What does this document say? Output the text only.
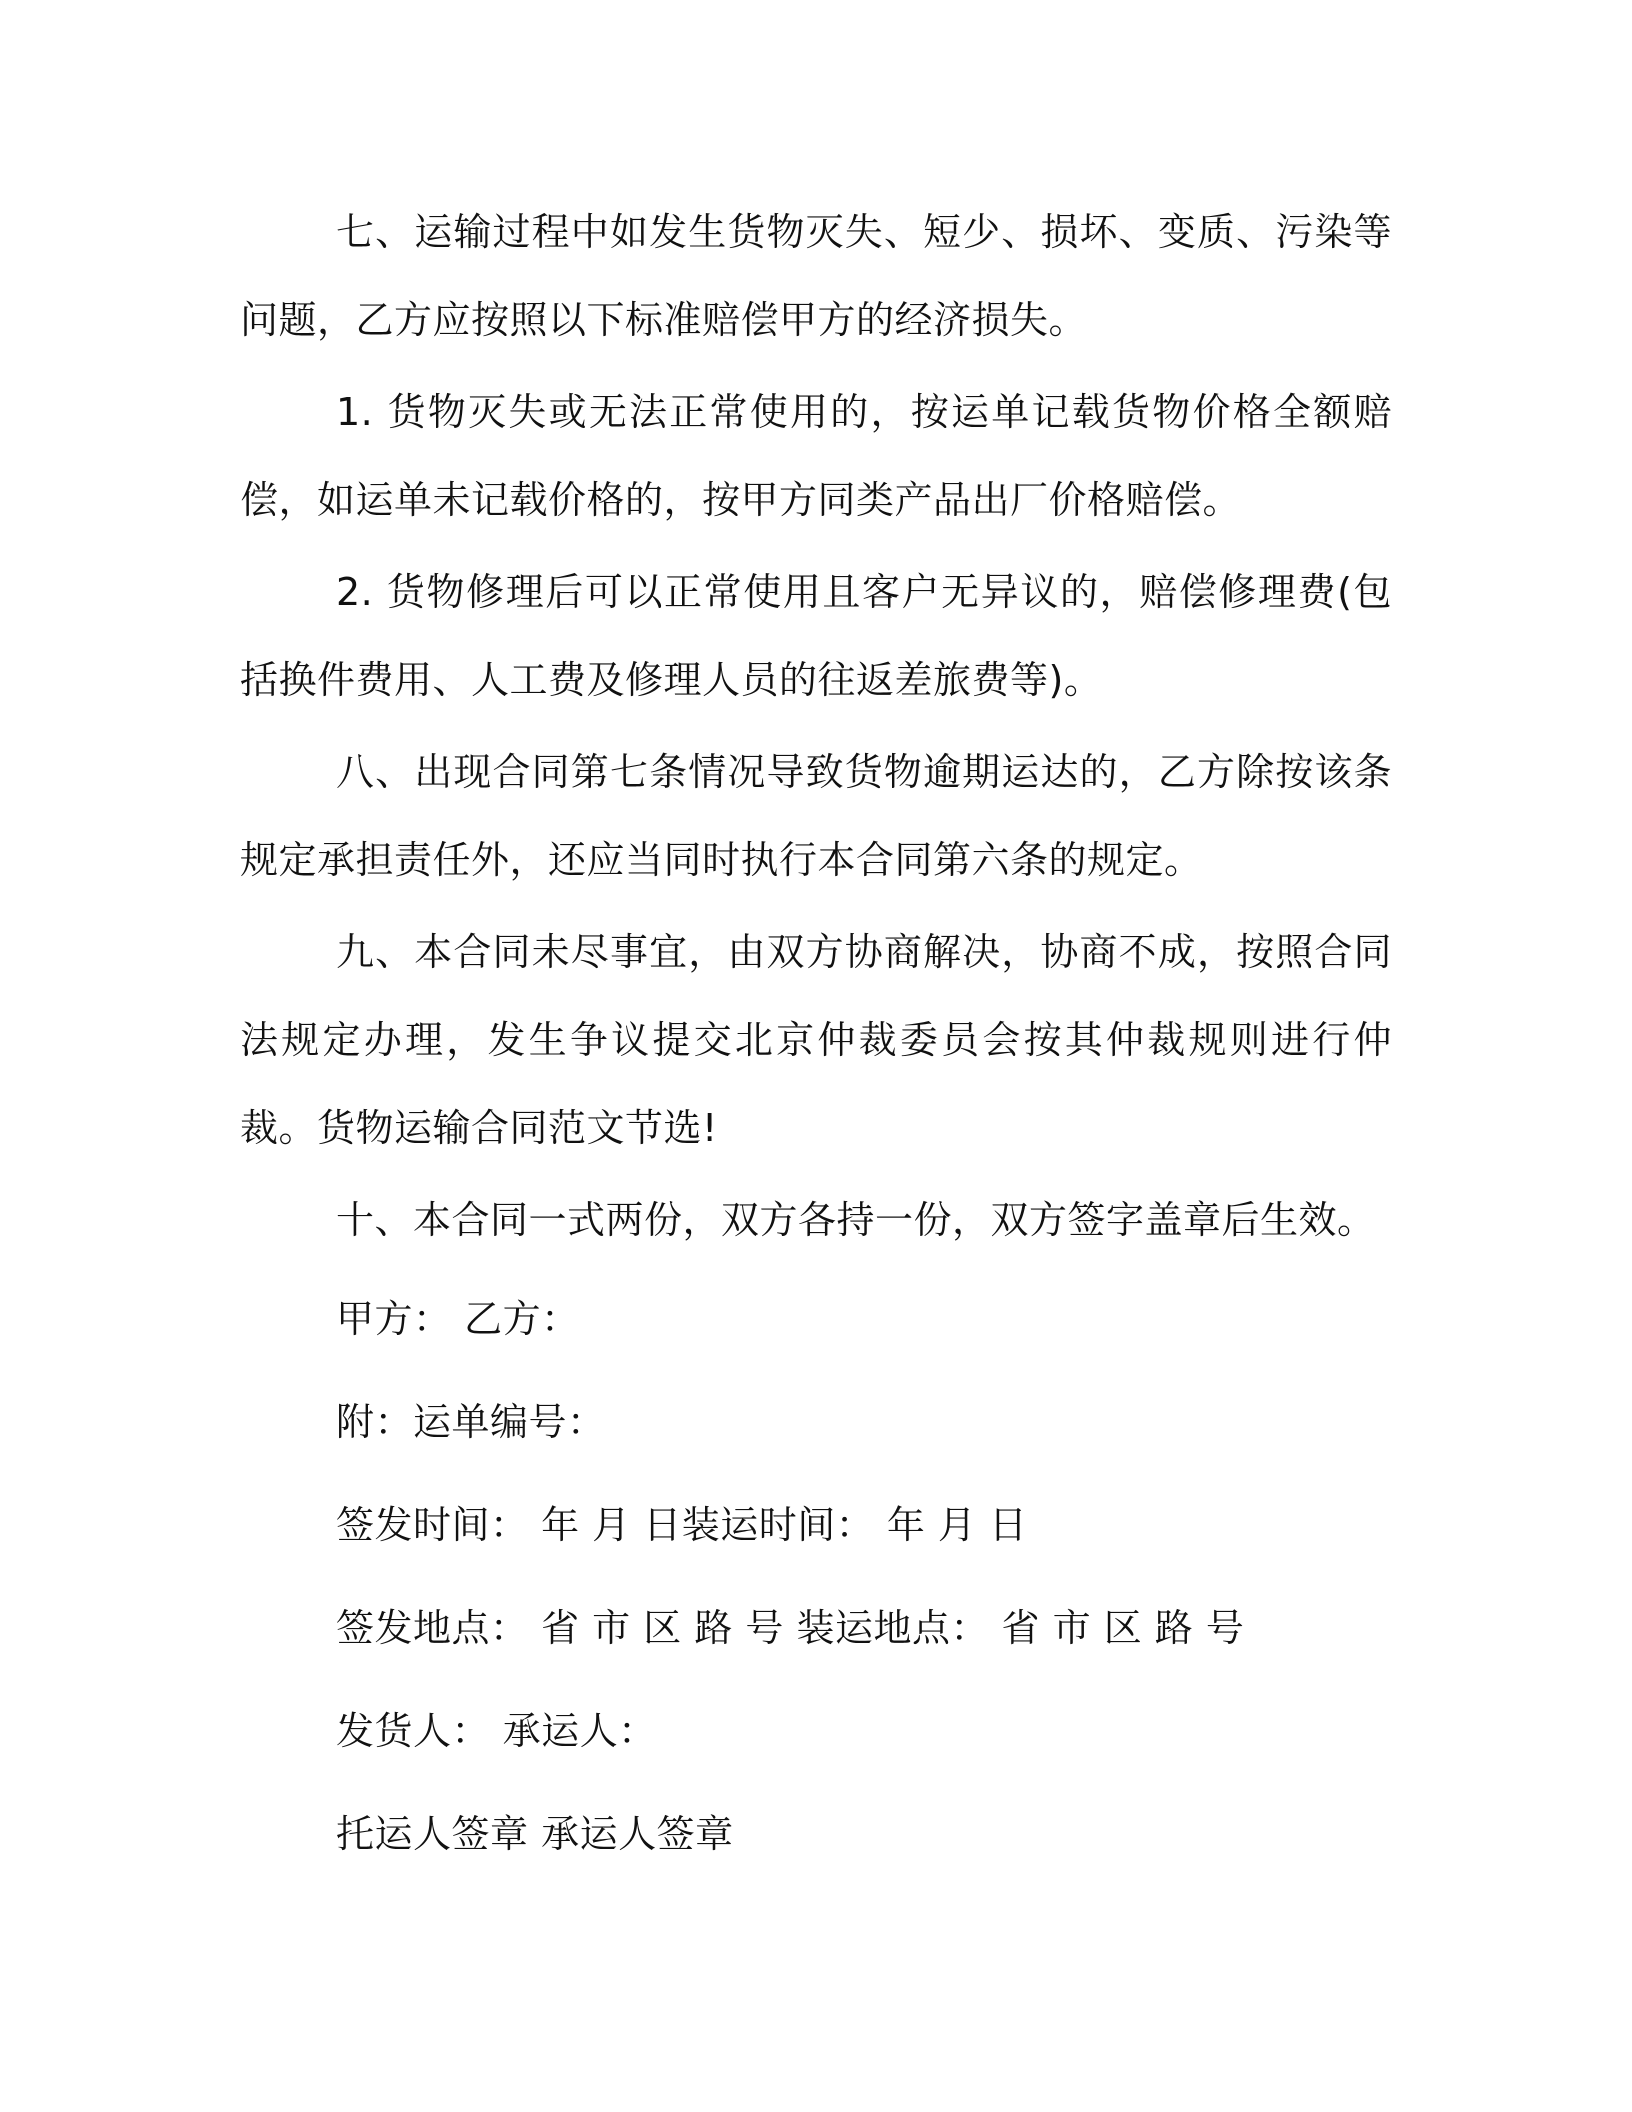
七、运输过程中如发生货物灭失、短少、损坏、变质、污染等问题，乙方应按照以下标准赔偿甲方的经济损失。

1. 货物灭失或无法正常使用的，按运单记载货物价格全额赔偿，如运单未记载价格的，按甲方同类产品出厂价格赔偿。

2. 货物修理后可以正常使用且客户无异议的，赔偿修理费(包括换件费用、人工费及修理人员的往返差旅费等)。

八、出现合同第七条情况导致货物逾期运达的，乙方除按该条规定承担责任外，还应当同时执行本合同第六条的规定。

九、本合同未尽事宜，由双方协商解决，协商不成，按照合同法规定办理，发生争议提交北京仲裁委员会按其仲裁规则进行仲裁。货物运输合同范文节选!

十、本合同一式两份，双方各持一份，双方签字盖章后生效。

甲方： 乙方：

附：运单编号：

签发时间： 年 月 日装运时间： 年 月 日

签发地点： 省 市 区 路 号 装运地点： 省 市 区 路 号

发货人： 承运人：

托运人签章 承运人签章
